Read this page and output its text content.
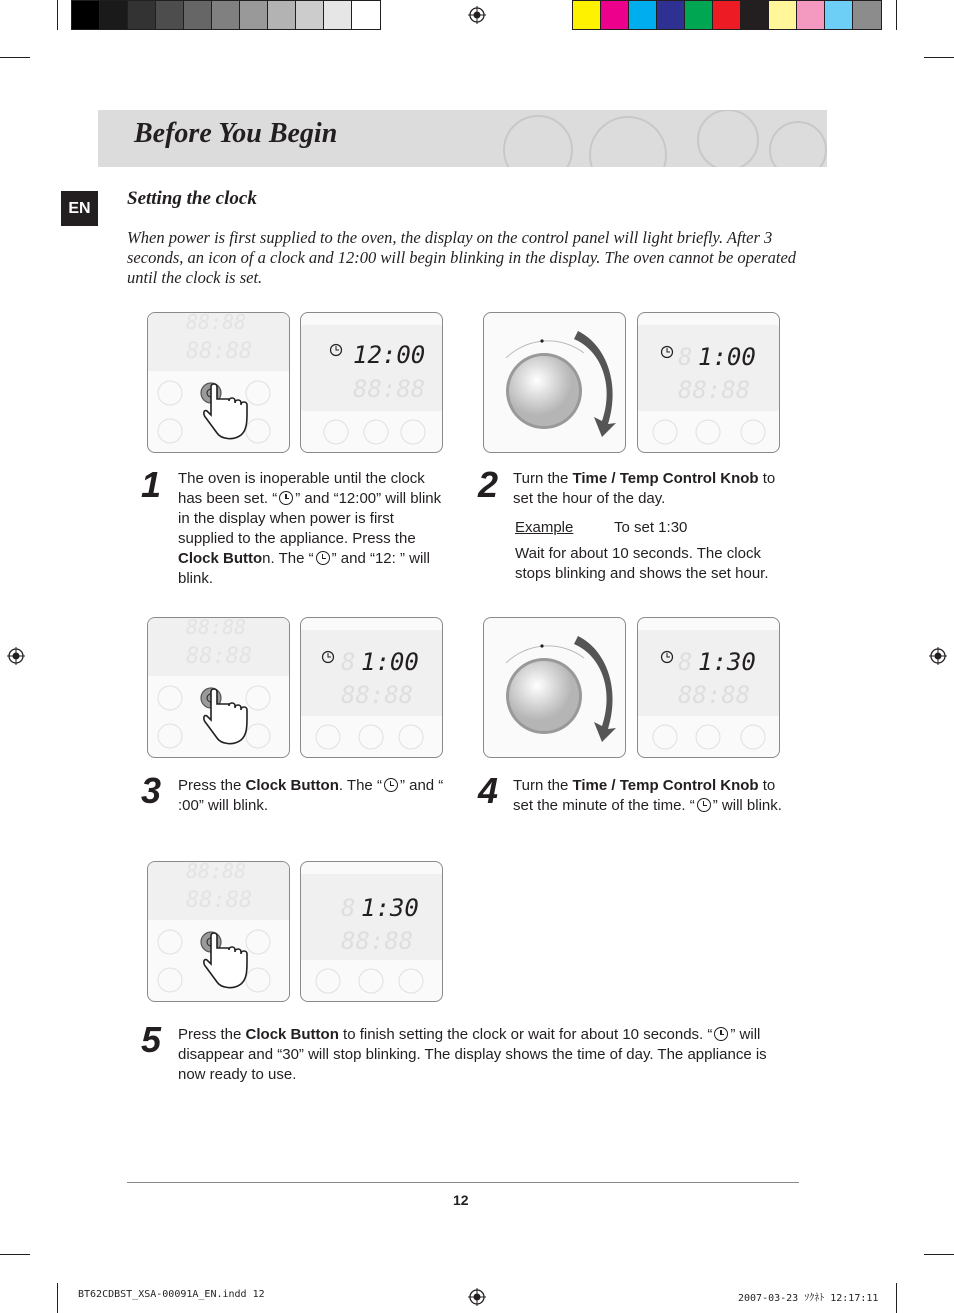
Before You Begin
EN	Setting the clock
When power is first supplied to the oven, the display on the control panel will light briefly. After 3 seconds, an icon of a clock and 12:00 will begin blinking in the display. The oven cannot be operated until the clock is set.
88:88
88:88	12:00
88:88
8 1:00
88:88
1 The oven is inoperable until the clock has been set. “ ” and “12:00” will blink in the display when power is first supplied to the appliance. Press the Clock Button. The “ ” and “12: ” will blink.
2 Turn the Time / Temp Control Knob to set the hour of the day.
Example	To set 1:30
Wait for about 10 seconds. The clock stops blinking and shows the set hour.
88:88
88:88	8 1:00
88:88
8 1:30
88:88
3 Press the Clock Button. The “ ” and “ :00” will blink.	4 Turn the Time / Temp Control Knob to set the minute of the time. “ ” will blink.
88:88
88:88	8 1:30
88:88
5 Press the Clock Button to finish setting the clock or wait for about 10 seconds. “ ” will disappear and “30” will stop blinking. The display shows the time of day. The appliance is now ready to use.
12
BT62CDBST_XSA-00091A_EN.indd 12	2007-03-23 ｿｸﾈﾄ 12:17:11
